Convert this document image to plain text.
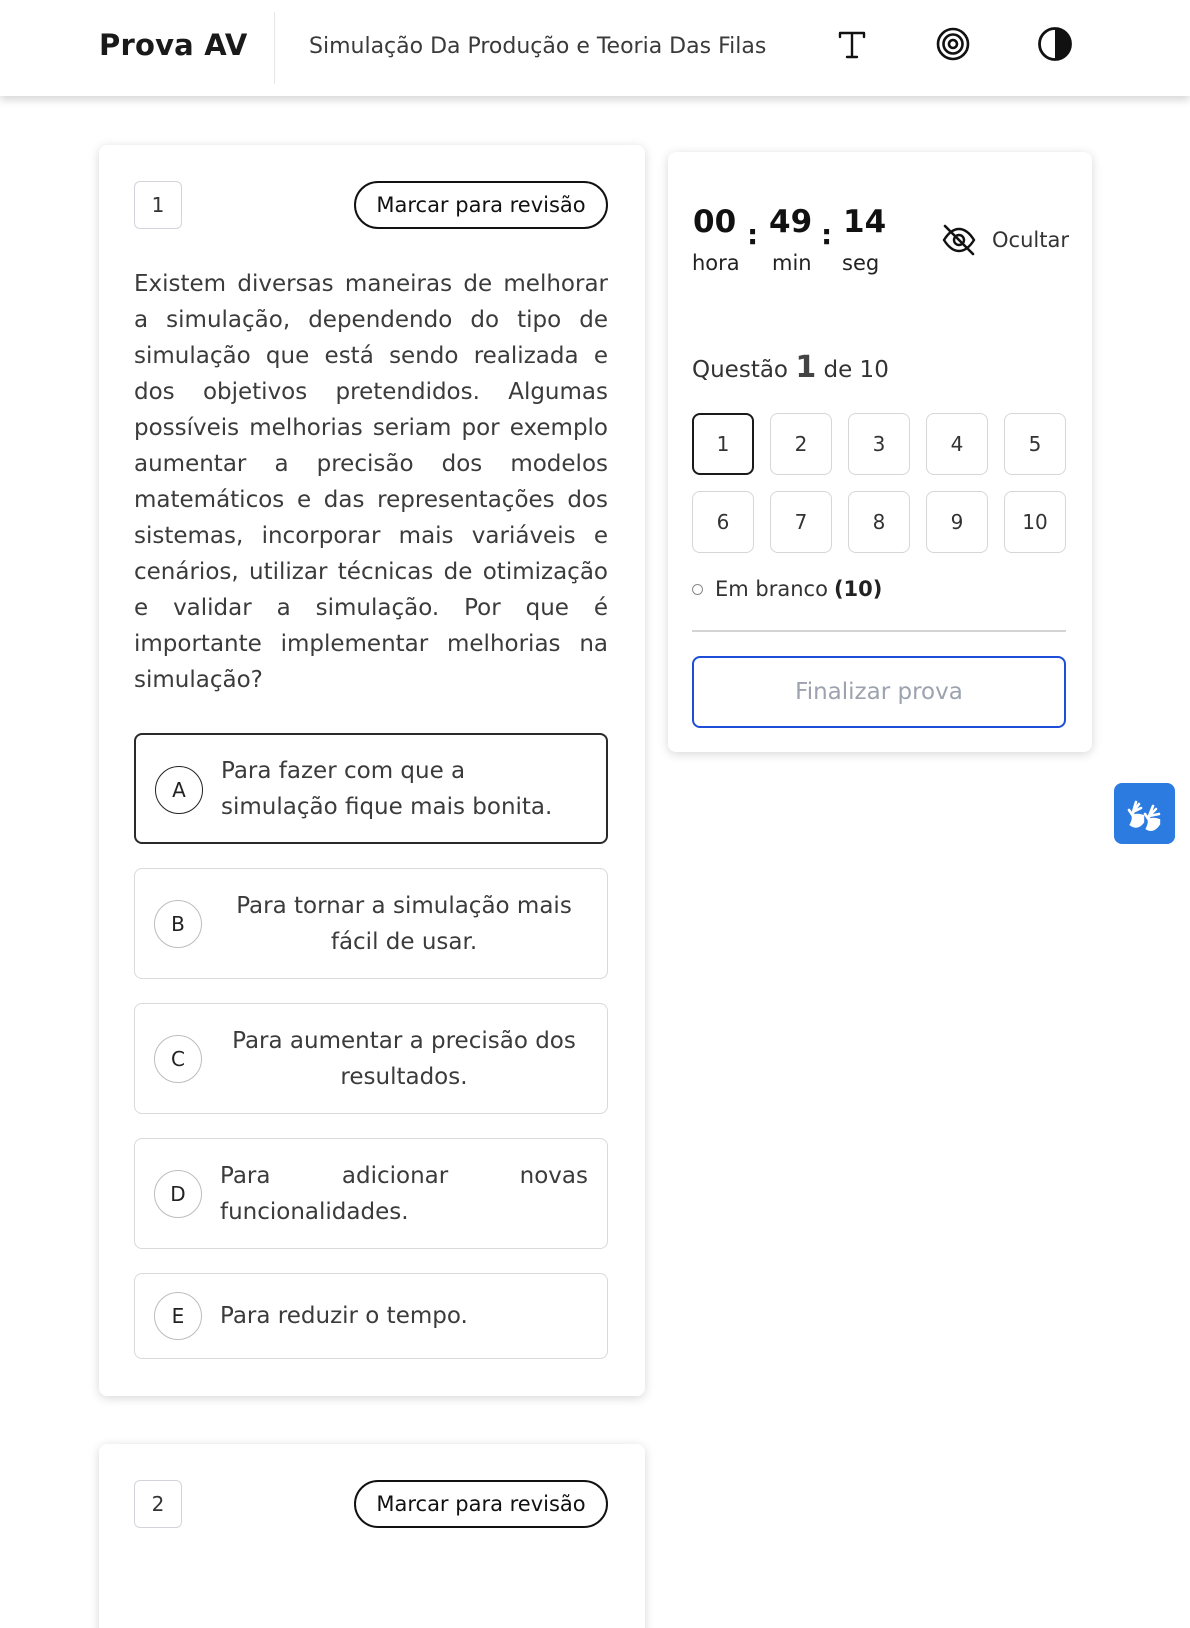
Prova AV	Simulação Da Produção e Teoria Das Filas
1	Marcar para revisão
Existem diversas maneiras de melhorar a simulação, dependendo do tipo de simulação que está sendo realizada e dos objetivos pretendidos. Algumas possíveis melhorias seriam por exemplo aumentar a precisão dos modelos matemáticos e das representações dos sistemas, incorporar mais variáveis e cenários, utilizar técnicas de otimização e validar a simulação. Por que é importante implementar melhorias na simulação?
A
Para fazer com que a simulação fique mais bonita.
B
Para tornar a simulação mais fácil de usar.
C
Para aumentar a precisão dos resultados.
D
Para adicionar novas funcionalidades.
E	Para reduzir o tempo.
2	Marcar para revisão
00 : 49 : 14
hora min seg
Ocultar
Questão 1 de 10
1	2	3	4	5
6	7	8	9	10
Em branco (10)
Finalizar prova
